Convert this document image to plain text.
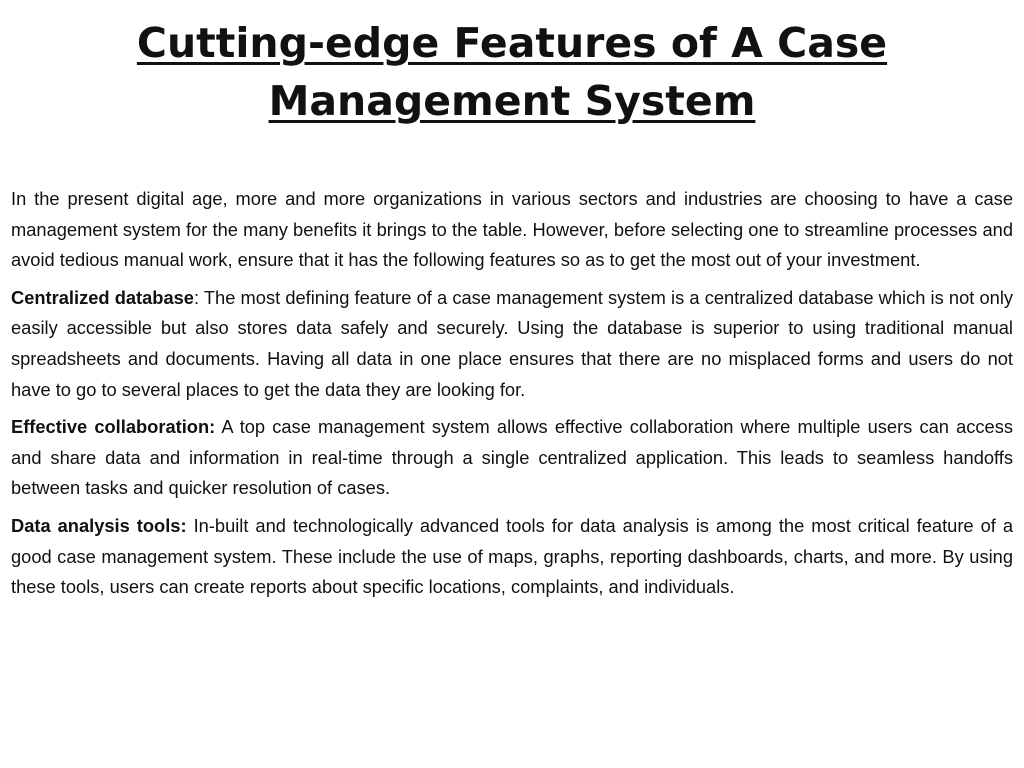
Cutting-edge Features of A Case
Management System

In the present digital age, more and more organizations in various sectors and industries are choosing to have a case management system for the many benefits it brings to the table. However, before selecting one to streamline processes and avoid tedious manual work, ensure that it has the following features so as to get the most out of your investment.

Centralized database: The most defining feature of a case management system is a centralized database which is not only easily accessible but also stores data safely and securely. Using the database is superior to using traditional manual spreadsheets and documents. Having all data in one place ensures that there are no misplaced forms and users do not have to go to several places to get the data they are looking for.

Effective collaboration: A top case management system allows effective collaboration where multiple users can access and share data and information in real-time through a single centralized application. This leads to seamless handoffs between tasks and quicker resolution of cases.

Data analysis tools: In-built and technologically advanced tools for data analysis is among the most critical feature of a good case management system. These include the use of maps, graphs, reporting dashboards, charts, and more. By using these tools, users can create reports about specific locations, complaints, and individuals.
